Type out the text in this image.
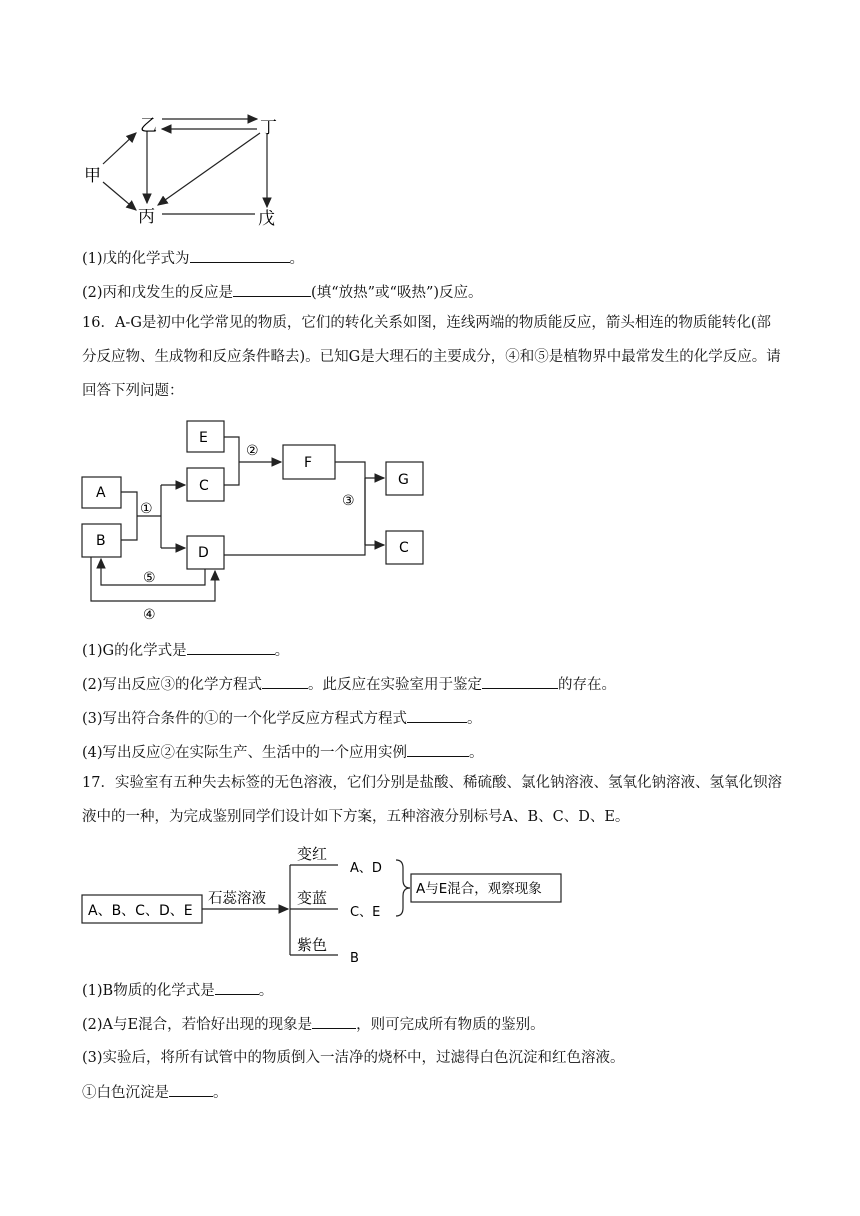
乙	丁
甲
丙	戊
(1)戊的化学式为	。
(2)丙和戊发生的反应是	(填“放热”或“吸热”)反应。
16．A-G是初中化学常见的物质，它们的转化关系如图，连线两端的物质能反应，箭头相连的物质能转化(部分反应物、生成物和反应条件略去)。已知G是大理石的主要成分，④和⑤是植物界中最常发生的化学反应。请回答下列问题：
E
C
F
G
A
B
D	C
①
②
③
⑤
④
(1)G的化学式是	。
(2)写出反应③的化学方程式	。此反应在实验室用于鉴定	的存在。
(3)写出符合条件的①的一个化学反应方程式方程式	。
(4)写出反应②在实际生产、生活中的一个应用实例	。
17．实验室有五种失去标签的无色溶液，它们分别是盐酸、稀硫酸、氯化钠溶液、氢氧化钠溶液、氢氧化钡溶液中的一种，为完成鉴别同学们设计如下方案，五种溶液分别标号A、B、C、D、E。
A、B、C、D、E
石蕊溶液
变红
A、D
变蓝
C、E
紫色
B
A与E混合，观察现象
(1)B物质的化学式是	。
(2)A与E混合，若恰好出现的现象是	，则可完成所有物质的鉴别。
(3)实验后，将所有试管中的物质倒入一洁净的烧杯中，过滤得白色沉淀和红色溶液。
①白色沉淀是	。
